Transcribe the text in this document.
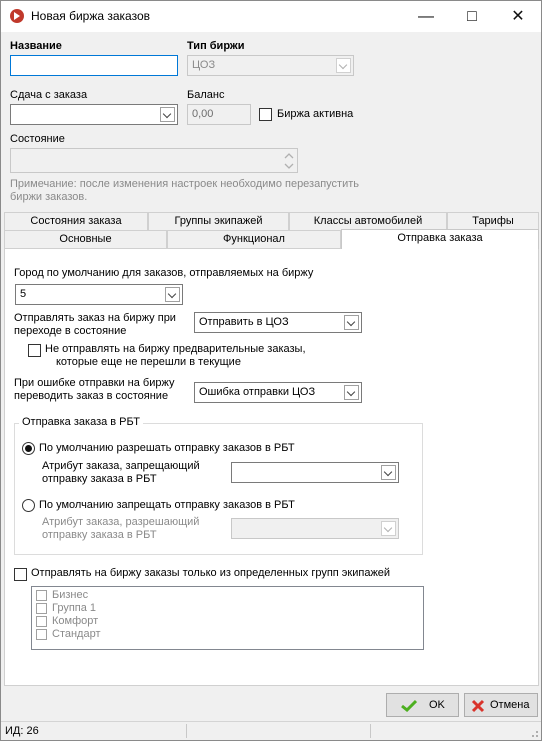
Новая биржа заказов	—	□	✕
Название	Тип биржи
ЦОЗ
Сдача с заказа	Баланс
0,00	Биржа активна
Состояние
Примечание: после изменения настроек необходимо перезапустить биржи заказов.
Состояния заказа	Группы экипажей	Классы автомобилей	Тарифы
Основные	Функционал
Город по умолчанию для заказов, отправляемых на биржу
5
Отправлять заказ на биржу при
переходе в состояние
Отправить в ЦОЗ
Не отправлять на биржу предварительные заказы,
которые еще не перешли в текущие
При ошибке отправки на биржу
переводить заказ в состояние	Ошибка отправки ЦОЗ
Отправка заказа в РБТ
По умолчанию разрешать отправку заказов в РБТ
Атрибут заказа, запрещающий
отправку заказа в РБТ
По умолчанию запрещать отправку заказов в РБТ
Атрибут заказа, разрешающий
отправку заказа в РБТ
Отправлять на биржу заказы только из определенных групп экипажей
Бизнес
Группа 1
Комфорт
Стандарт
Отправка заказа
OK	Отмена
ИД: 26
